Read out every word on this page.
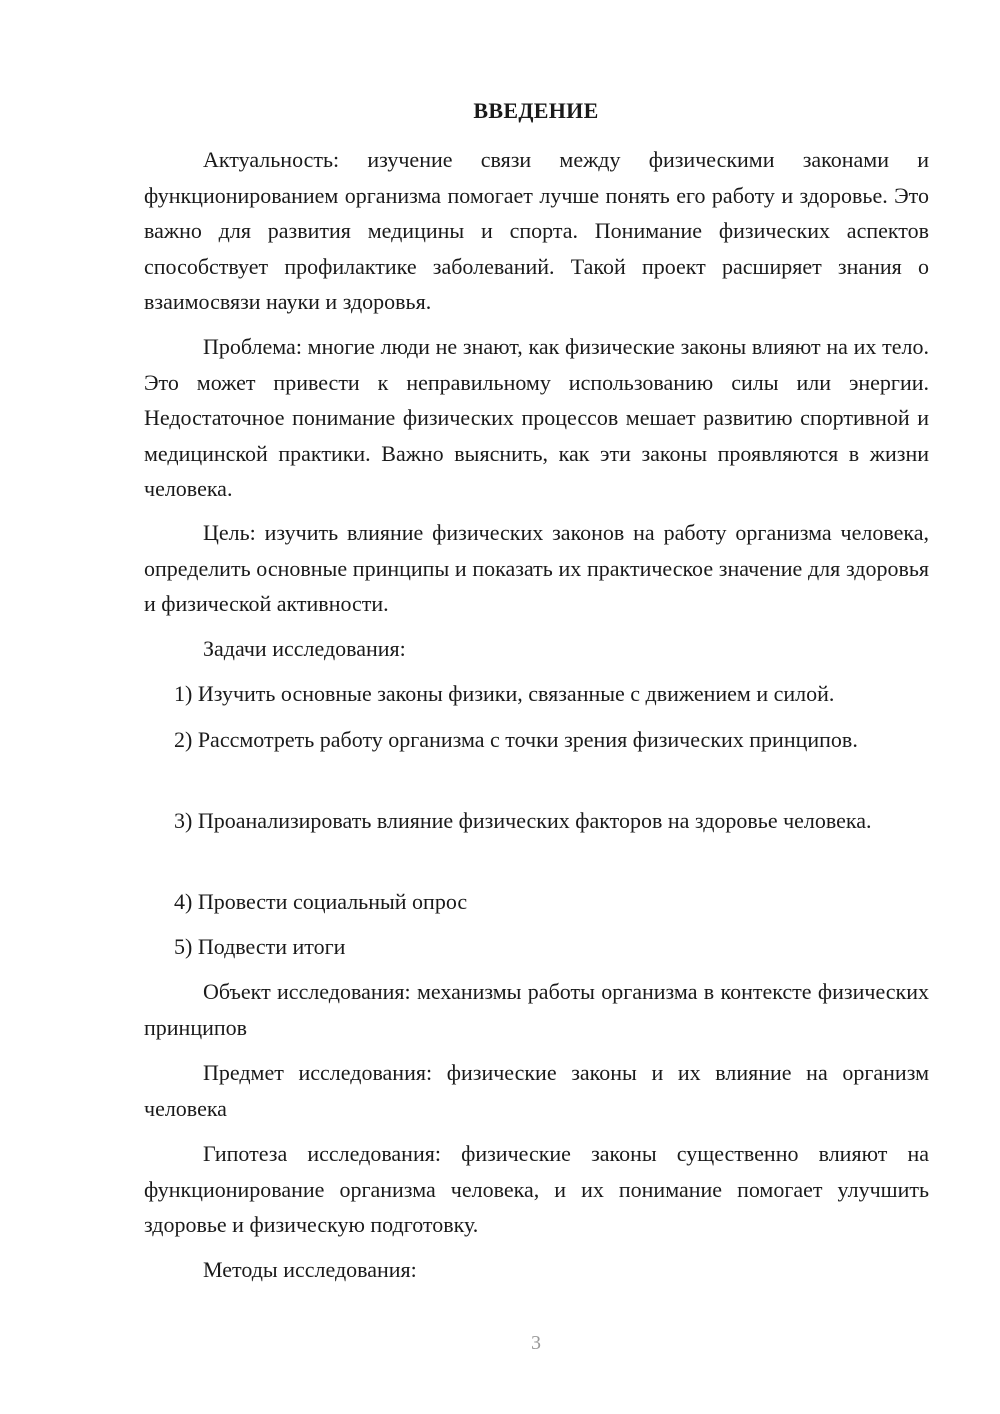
ВВЕДЕНИЕ

Актуальность: изучение связи между физическими законами и функционированием организма помогает лучше понять его работу и здоровье. Это важно для развития медицины и спорта. Понимание физических аспектов способствует профилактике заболеваний. Такой проект расширяет знания о взаимосвязи науки и здоровья.

Проблема: многие люди не знают, как физические законы влияют на их тело. Это может привести к неправильному использованию силы или энергии. Недостаточное понимание физических процессов мешает развитию спортивной и медицинской практики. Важно выяснить, как эти законы проявляются в жизни человека.

Цель: изучить влияние физических законов на работу организма человека, определить основные принципы и показать их практическое значение для здоровья и физической активности.

Задачи исследования:

1) Изучить основные законы физики, связанные с движением и силой.

2) Рассмотреть работу организма с точки зрения физических принципов.

3) Проанализировать влияние физических факторов на здоровье человека.

4) Провести социальный опрос

5) Подвести итоги

Объект исследования: механизмы работы организма в контексте физических принципов

Предмет исследования: физические законы и их влияние на организм человека

Гипотеза исследования: физические законы существенно влияют на функционирование организма человека, и их понимание помогает улучшить здоровье и физическую подготовку.

Методы исследования:

3
